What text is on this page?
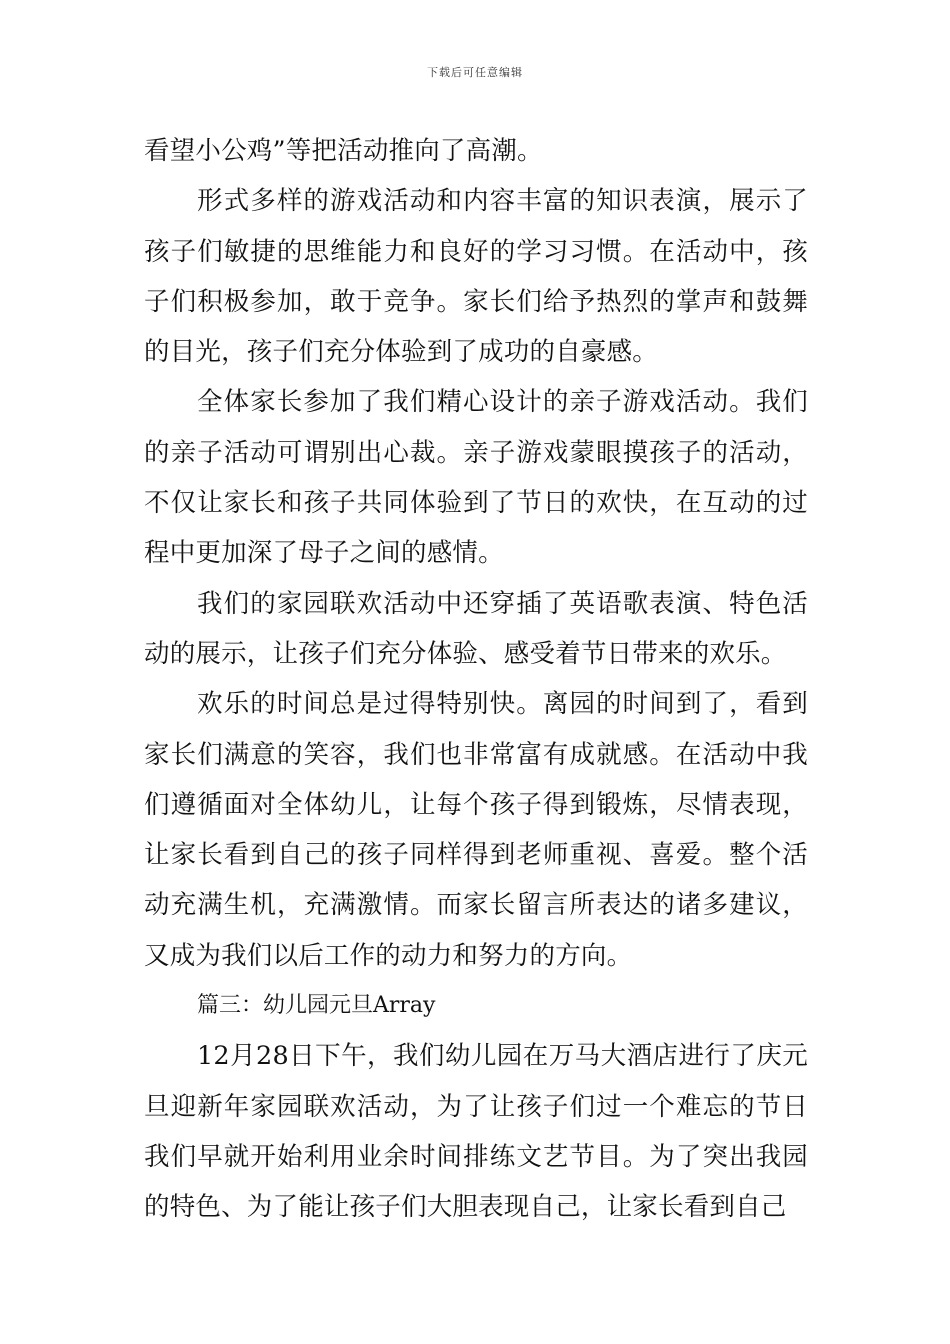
下载后可任意编辑

看望小公鸡”等把活动推向了高潮。

形式多样的游戏活动和内容丰富的知识表演，展示了孩子们敏捷的思维能力和良好的学习习惯。在活动中，孩子们积极参加，敢于竞争。家长们给予热烈的掌声和鼓舞的目光，孩子们充分体验到了成功的自豪感。

全体家长参加了我们精心设计的亲子游戏活动。我们的亲子活动可谓别出心裁。亲子游戏蒙眼摸孩子的活动，不仅让家长和孩子共同体验到了节日的欢快，在互动的过程中更加深了母子之间的感情。

我们的家园联欢活动中还穿插了英语歌表演、特色活动的展示，让孩子们充分体验、感受着节日带来的欢乐。

欢乐的时间总是过得特别快。离园的时间到了，看到家长们满意的笑容，我们也非常富有成就感。在活动中我们遵循面对全体幼儿，让每个孩子得到锻炼，尽情表现，让家长看到自己的孩子同样得到老师重视、喜爱。整个活动充满生机，充满激情。而家长留言所表达的诸多建议，又成为我们以后工作的动力和努力的方向。

篇三：幼儿园元旦Array

12月28日下午，我们幼儿园在万马大酒店进行了庆元旦迎新年家园联欢活动，为了让孩子们过一个难忘的节日我们早就开始利用业余时间排练文艺节目。为了突出我园的特色、为了能让孩子们大胆表现自己，让家长看到自己
